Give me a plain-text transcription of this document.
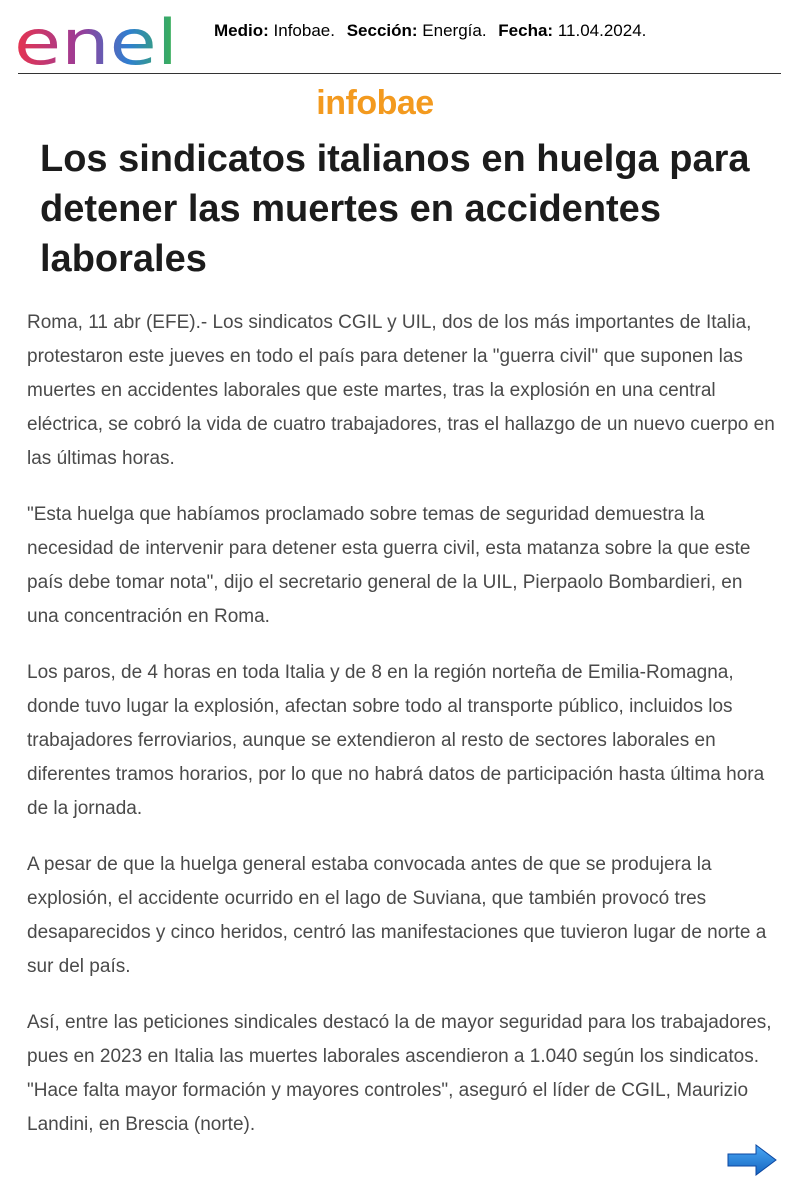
enel Medio: Infobae. Sección: Energía. Fecha: 11.04.2024.
infobae
Los sindicatos italianos en huelga para detener las muertes en accidentes laborales

Roma, 11 abr (EFE).- Los sindicatos CGIL y UIL, dos de los más importantes de Italia, protestaron este jueves en todo el país para detener la "guerra civil" que suponen las muertes en accidentes laborales que este martes, tras la explosión en una central eléctrica, se cobró la vida de cuatro trabajadores, tras el hallazgo de un nuevo cuerpo en las últimas horas.

"Esta huelga que habíamos proclamado sobre temas de seguridad demuestra la necesidad de intervenir para detener esta guerra civil, esta matanza sobre la que este país debe tomar nota", dijo el secretario general de la UIL, Pierpaolo Bombardieri, en una concentración en Roma.

Los paros, de 4 horas en toda Italia y de 8 en la región norteña de Emilia-Romagna, donde tuvo lugar la explosión, afectan sobre todo al transporte público, incluidos los trabajadores ferroviarios, aunque se extendieron al resto de sectores laborales en diferentes tramos horarios, por lo que no habrá datos de participación hasta última hora de la jornada.

A pesar de que la huelga general estaba convocada antes de que se produjera la explosión, el accidente ocurrido en el lago de Suviana, que también provocó tres desaparecidos y cinco heridos, centró las manifestaciones que tuvieron lugar de norte a sur del país.

Así, entre las peticiones sindicales destacó la de mayor seguridad para los trabajadores, pues en 2023 en Italia las muertes laborales ascendieron a 1.040 según los sindicatos. "Hace falta mayor formación y mayores controles", aseguró el líder de CGIL, Maurizio Landini, en Brescia (norte).
